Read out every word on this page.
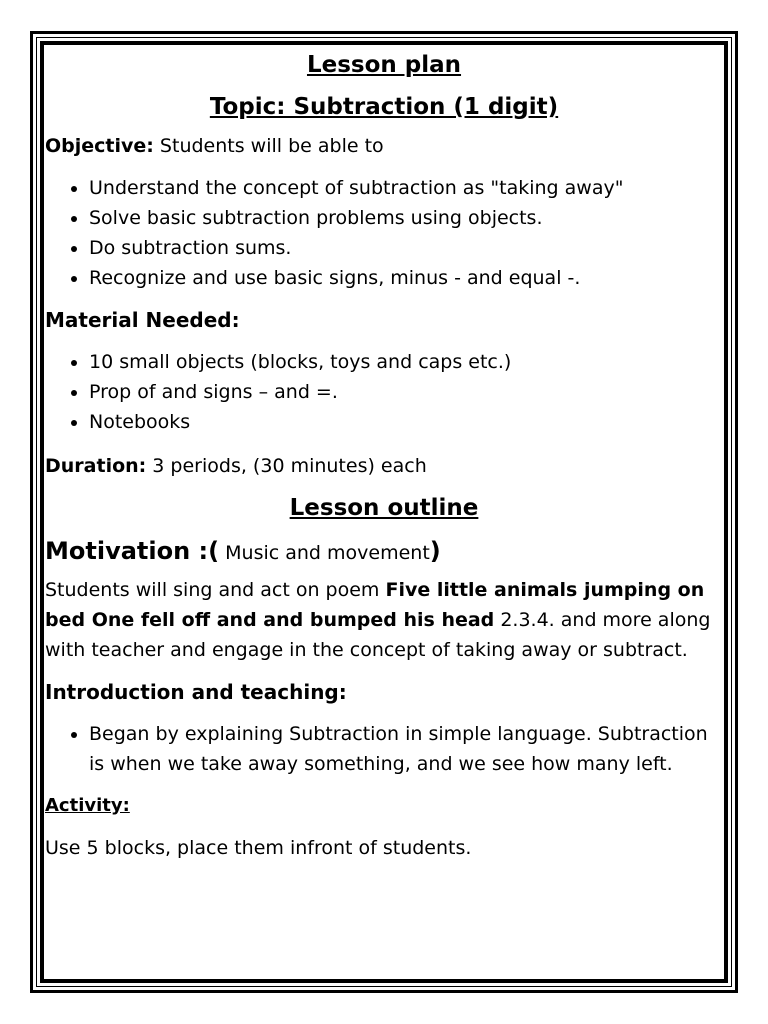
Lesson plan
Topic: Subtraction (1 digit)

Objective: Students will be able to

• Understand the concept of subtraction as "taking away"
• Solve basic subtraction problems using objects.
• Do subtraction sums.
• Recognize and use basic signs, minus - and equal -.

Material Needed:

• 10 small objects (blocks, toys and caps etc.)
• Prop of and signs – and =.
• Notebooks

Duration: 3 periods, (30 minutes) each

Lesson outline

Motivation :( Music and movement)

Students will sing and act on poem Five little animals jumping on bed One fell off and and bumped his head 2.3.4. and more along with teacher and engage in the concept of taking away or subtract.

Introduction and teaching:

• Began by explaining Subtraction in simple language. Subtraction is when we take away something, and we see how many left.

Activity:

Use 5 blocks, place them infront of students.
